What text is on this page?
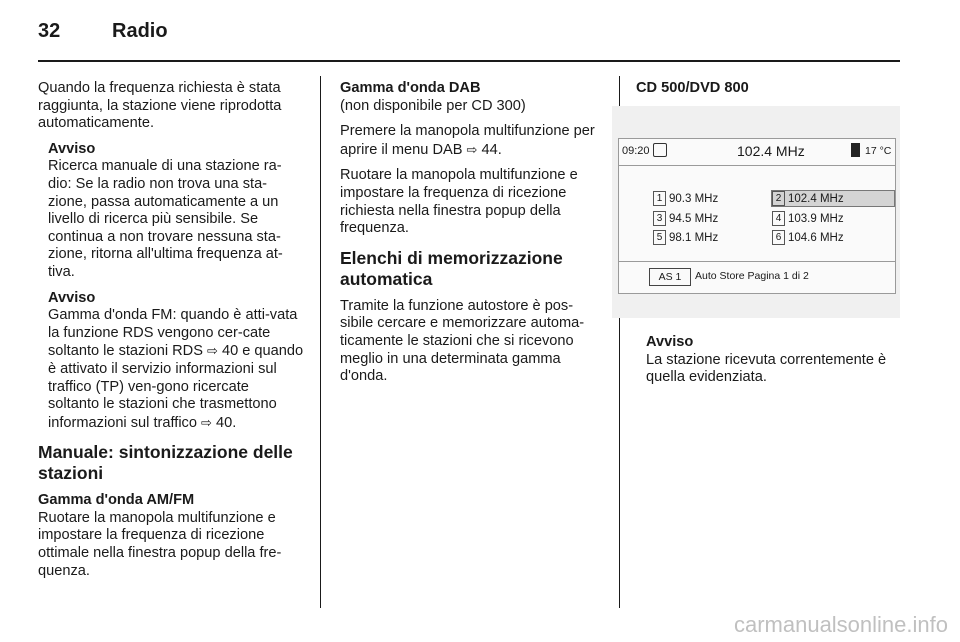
32	Radio

Quando la frequenza richiesta è stata raggiunta, la stazione viene riprodotta automaticamente.

Avviso

Ricerca manuale di una stazione ra-dio: Se la radio non trova una sta-zione, passa automaticamente a un livello di ricerca più sensibile. Se continua a non trovare nessuna sta-zione, ritorna all'ultima frequenza at-tiva.

Avviso

Gamma d'onda FM: quando è atti-vata la funzione RDS vengono cer-cate soltanto le stazioni RDS ⇨ 40 e quando è attivato il servizio informazioni sul traffico (TP) ven-gono ricercate soltanto le stazioni che trasmettono informazioni sul traffico ⇨ 40.

Manuale: sintonizzazione delle stazioni

Gamma d'onda AM/FM

Ruotare la manopola multifunzione e impostare la frequenza di ricezione ottimale nella finestra popup della fre-quenza.

Gamma d'onda DAB

(non disponibile per CD 300)

Premere la manopola multifunzione per aprire il menu DAB ⇨ 44.

Ruotare la manopola multifunzione e impostare la frequenza di ricezione richiesta nella finestra popup della frequenza.

Elenchi di memorizzazione automatica

Tramite la funzione autostore è pos-sibile cercare e memorizzare automa-ticamente le stazioni che si ricevono meglio in una determinata gamma d'onda.

CD 500/DVD 800

09:20	102.4 MHz	17 °C
1 90.3 MHz	2 102.4 MHz
3 94.5 MHz	4 103.9 MHz
5 98.1 MHz	6 104.6 MHz
AS 1	Auto Store Pagina 1 di 2

Avviso

La stazione ricevuta correntemente è quella evidenziata.

carmanualsonline.info
